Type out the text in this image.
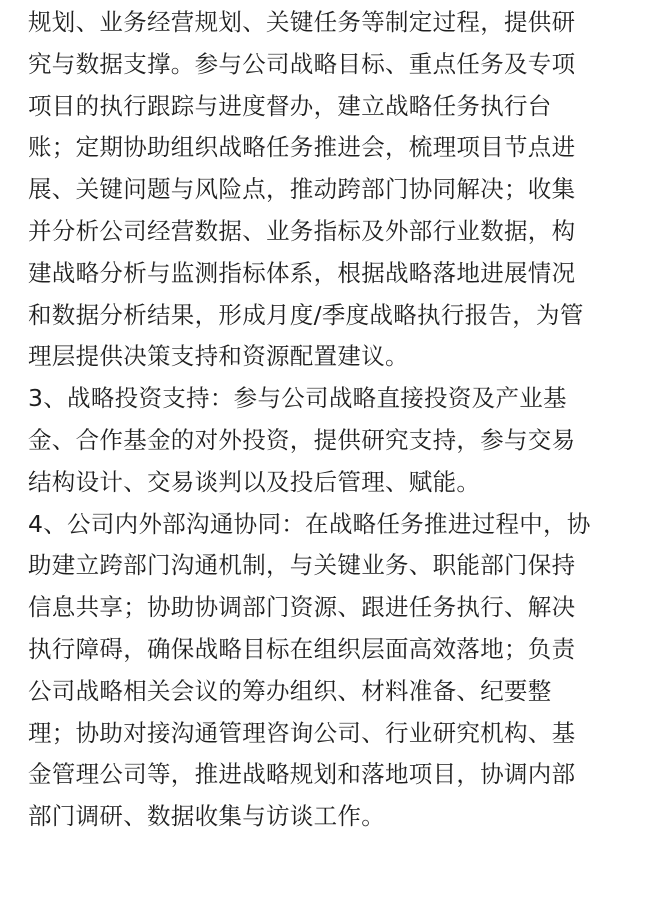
规划、业务经营规划、关键任务等制定过程，提供研
究与数据支撑。参与公司战略目标、重点任务及专项
项目的执行跟踪与进度督办，建立战略任务执行台
账；定期协助组织战略任务推进会，梳理项目节点进
展、关键问题与风险点，推动跨部门协同解决；收集
并分析公司经营数据、业务指标及外部行业数据，构
建战略分析与监测指标体系，根据战略落地进展情况
和数据分析结果，形成月度/季度战略执行报告，为管
理层提供决策支持和资源配置建议。
3、战略投资支持：参与公司战略直接投资及产业基
金、合作基金的对外投资，提供研究支持，参与交易
结构设计、交易谈判以及投后管理、赋能。
4、公司内外部沟通协同：在战略任务推进过程中，协
助建立跨部门沟通机制，与关键业务、职能部门保持
信息共享；协助协调部门资源、跟进任务执行、解决
执行障碍，确保战略目标在组织层面高效落地；负责
公司战略相关会议的筹办组织、材料准备、纪要整
理；协助对接沟通管理咨询公司、行业研究机构、基
金管理公司等，推进战略规划和落地项目，协调内部
部门调研、数据收集与访谈工作。
